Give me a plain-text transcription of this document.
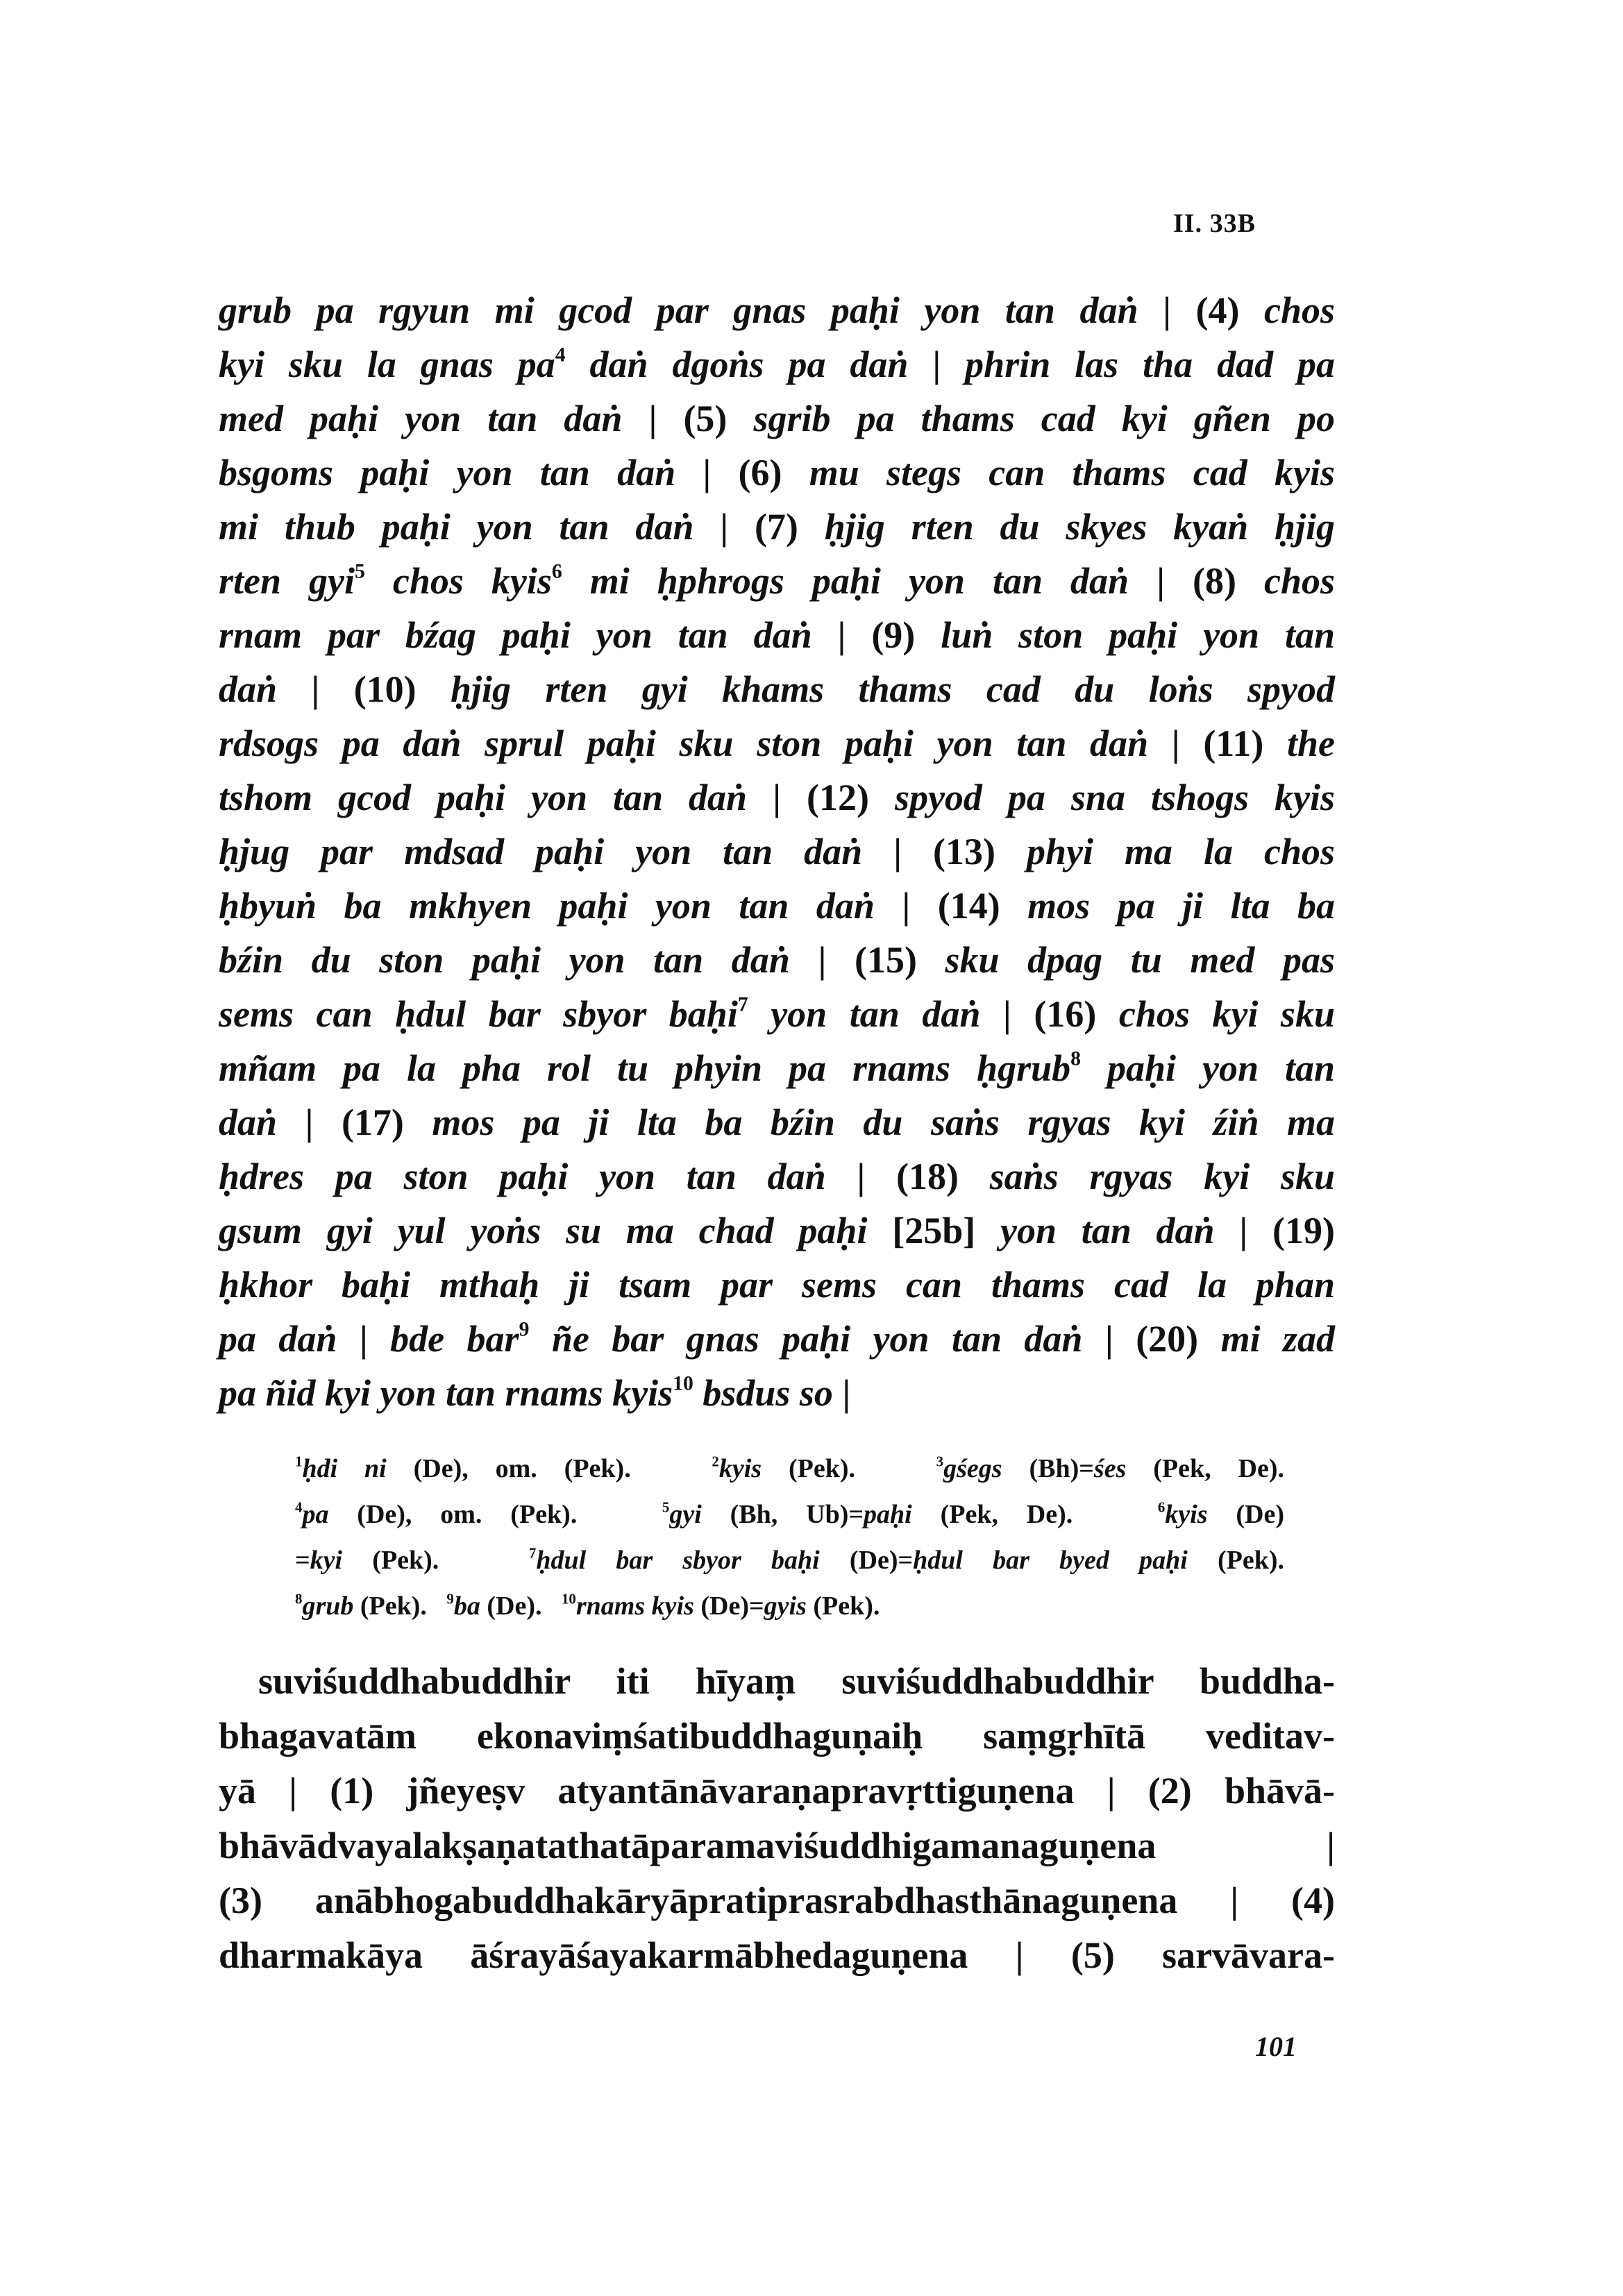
II. 33B
grub pa rgyun mi gcod par gnas paḥi yon tan daṅ | (4) chos
kyi sku la gnas $pa^4$ daṅ dgoṅs pa daṅ | phrin las tha dad pa
med paḥi yon tan daṅ | (5) sgrib pa thams cad kyi gñen po
bsgoms paḥi yon tan daṅ | (6) mu stegs can thams cad kyis
mi thub paḥi yon tan daṅ | (7) ḥjig rten du skyes kyaṅ ḥjig
rten gyi$^5$ chos kyis$^6$ mi ḥphrogs paḥi yon tan daṅ | (8) chos
rnam par bźag paḥi yon tan daṅ | (9) luṅ ston paḥi yon tan
daṅ | (10) ḥjig rten gyi khams thams cad du loṅs spyod
rdsogs pa daṅ sprul paḥi sku ston paḥi yon tan daṅ | (11) the
tshom gcod paḥi yon tan daṅ | (12) spyod pa sna tshogs kyis
ḥjug par mdsad paḥi yon tan daṅ | (13) phyi ma la chos
ḥbyuṅ ba mkhyen paḥi yon tan daṅ | (14) mos pa ji lta ba
bźin du ston paḥi yon tan daṅ | (15) sku dpag tu med pas
sems can ḥdul bar sbyor baḥi$^7$ yon tan daṅ | (16) chos kyi sku
mñam pa la pha rol tu phyin pa rnams ḥgrub$^8$ paḥi yon tan
daṅ | (17) mos pa ji lta ba bźin du saṅs rgyas kyi źiṅ ma
ḥdres pa ston paḥi yon tan daṅ | (18) saṅs rgyas kyi sku
gsum gyi yul yoṅs su ma chad paḥi [25b] yon tan daṅ | (19)
ḥkhor baḥi mthaḥ ji tsam par sems can thams cad la phan
pa daṅ | bde bar$^9$ ñe bar gnas paḥi yon tan daṅ | (20) mi zad
pa ñid kyi yon tan rnams kyis$^{10}$ bsdus so |
$^1$ḥdi ni (De), om. (Pek).   $^2$kyis (Pek).   $^3$gśegs (Bh)=śes (Pek, De).
$^4$pa (De), om. (Pek).   $^5$gyi (Bh, Ub)=paḥi (Pek, De).   $^6$kyis (De)
=kyi (Pek).   $^7$ḥdul bar sbyor baḥi (De)=ḥdul bar byed paḥi (Pek).
$^8$grub (Pek).   $^9$ba (De).   $^{10}$rnams kyis (De)=gyis (Pek).
suviśuddhabuddhir iti hīyaṃ suviśuddhabuddhir buddha-
bhagavatām ekonaviṃśatibuddhaguṇaiḥ saṃgṛhītā veditav-
yā | (1) jñeyeṣv atyantānāvaraṇapravṛttiguṇena | (2) bhāvā-
bhāvādvayalakṣaṇatathatāparamaviśuddhigamanaguṇena |
(3) anābhogabuddhakāryāpratiprasrabdhasthānaguṇena | (4)
dharmakāya āśrayāśayakarmābhedaguṇena | (5) sarvāvara-
101
